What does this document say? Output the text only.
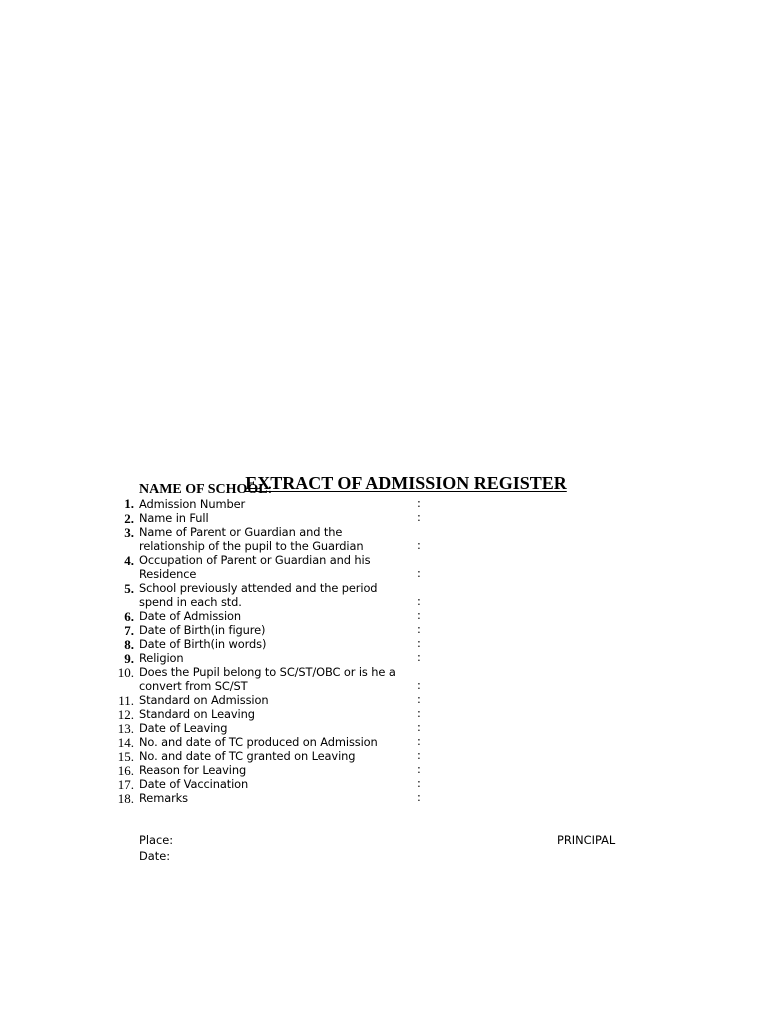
EXTRACT OF ADMISSION REGISTER
NAME OF SCHOOL:
1. Admission Number	:
2. Name in Full	:
3. Name of Parent or Guardian and the relationship of the pupil to the Guardian	:
4. Occupation of Parent or Guardian and his Residence	:
5. School previously attended and the period spend in each std.	:
6. Date of Admission	:
7. Date of Birth(in figure)	:
8. Date of Birth(in words)	:
9. Religion	:
10. Does the Pupil belong to SC/ST/OBC or is he a convert from SC/ST	:
11. Standard on Admission	:
12. Standard on Leaving	:
13. Date of Leaving	:
14. No. and date of TC produced on Admission	:
15. No. and date of TC granted on Leaving	:
16. Reason for Leaving	:
17. Date of Vaccination	:
18. Remarks	:
Place:
Date:
PRINCIPAL
